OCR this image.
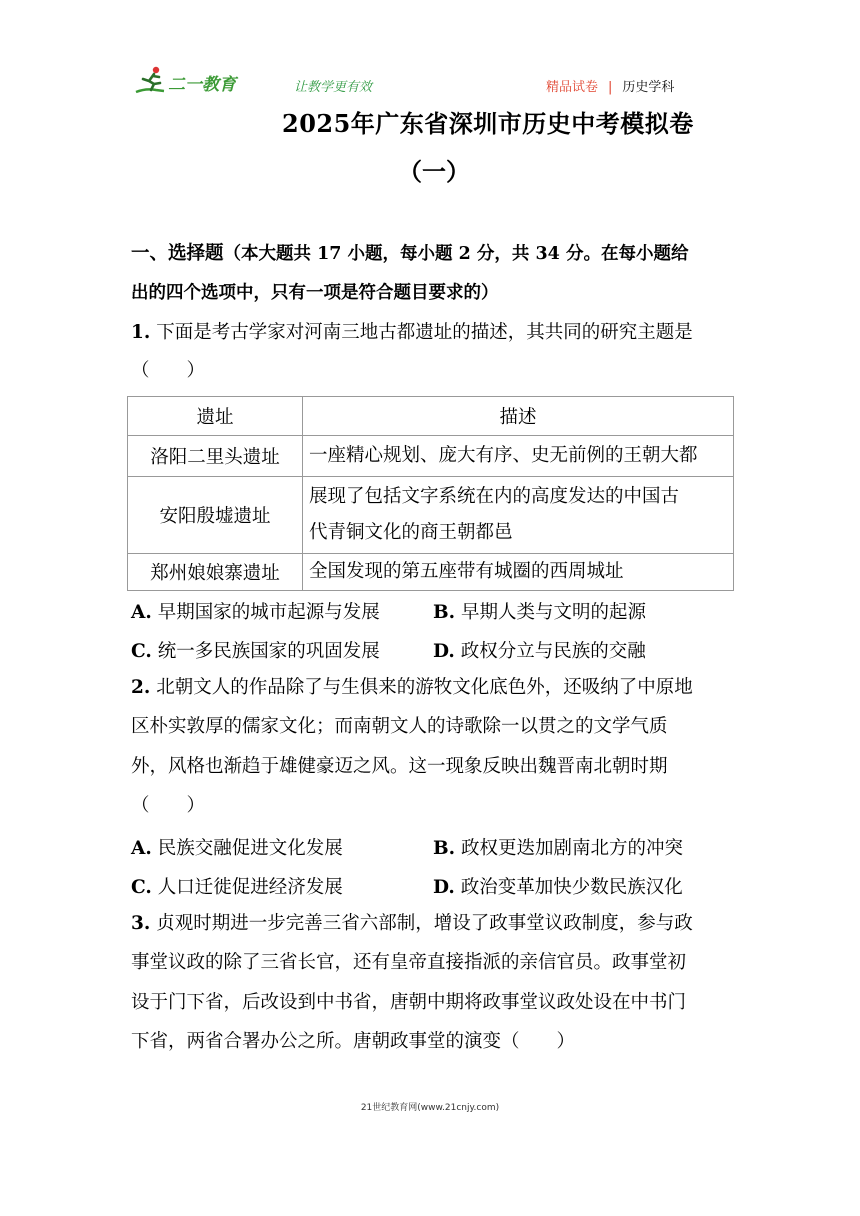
二一教育	让教学更有效	精品试卷 | 历史学科
2025年广东省深圳市历史中考模拟卷
（一）
一、选择题（本大题共 17 小题，每小题 2 分，共 34 分。在每小题给
出的四个选项中，只有一项是符合题目要求的）
1. 下面是考古学家对河南三地古都遗址的描述，其共同的研究主题是
（　　）
遗址	描述
洛阳二里头遗址	一座精心规划、庞大有序、史无前例的王朝大都
安阳殷墟遗址	展现了包括文字系统在内的高度发达的中国古
代青铜文化的商王朝都邑
郑州娘娘寨遗址	全国发现的第五座带有城圈的西周城址
A. 早期国家的城市起源与发展	B. 早期人类与文明的起源
C. 统一多民族国家的巩固发展	D. 政权分立与民族的交融
2. 北朝文人的作品除了与生俱来的游牧文化底色外，还吸纳了中原地
区朴实敦厚的儒家文化；而南朝文人的诗歌除一以贯之的文学气质
外，风格也渐趋于雄健豪迈之风。这一现象反映出魏晋南北朝时期
（　　）
A. 民族交融促进文化发展	B. 政权更迭加剧南北方的冲突
C. 人口迁徙促进经济发展	D. 政治变革加快少数民族汉化
3. 贞观时期进一步完善三省六部制，增设了政事堂议政制度，参与政
事堂议政的除了三省长官，还有皇帝直接指派的亲信官员。政事堂初
设于门下省，后改设到中书省，唐朝中期将政事堂议政处设在中书门
下省，两省合署办公之所。唐朝政事堂的演变（　　）
21世纪教育网(www.21cnjy.com)
